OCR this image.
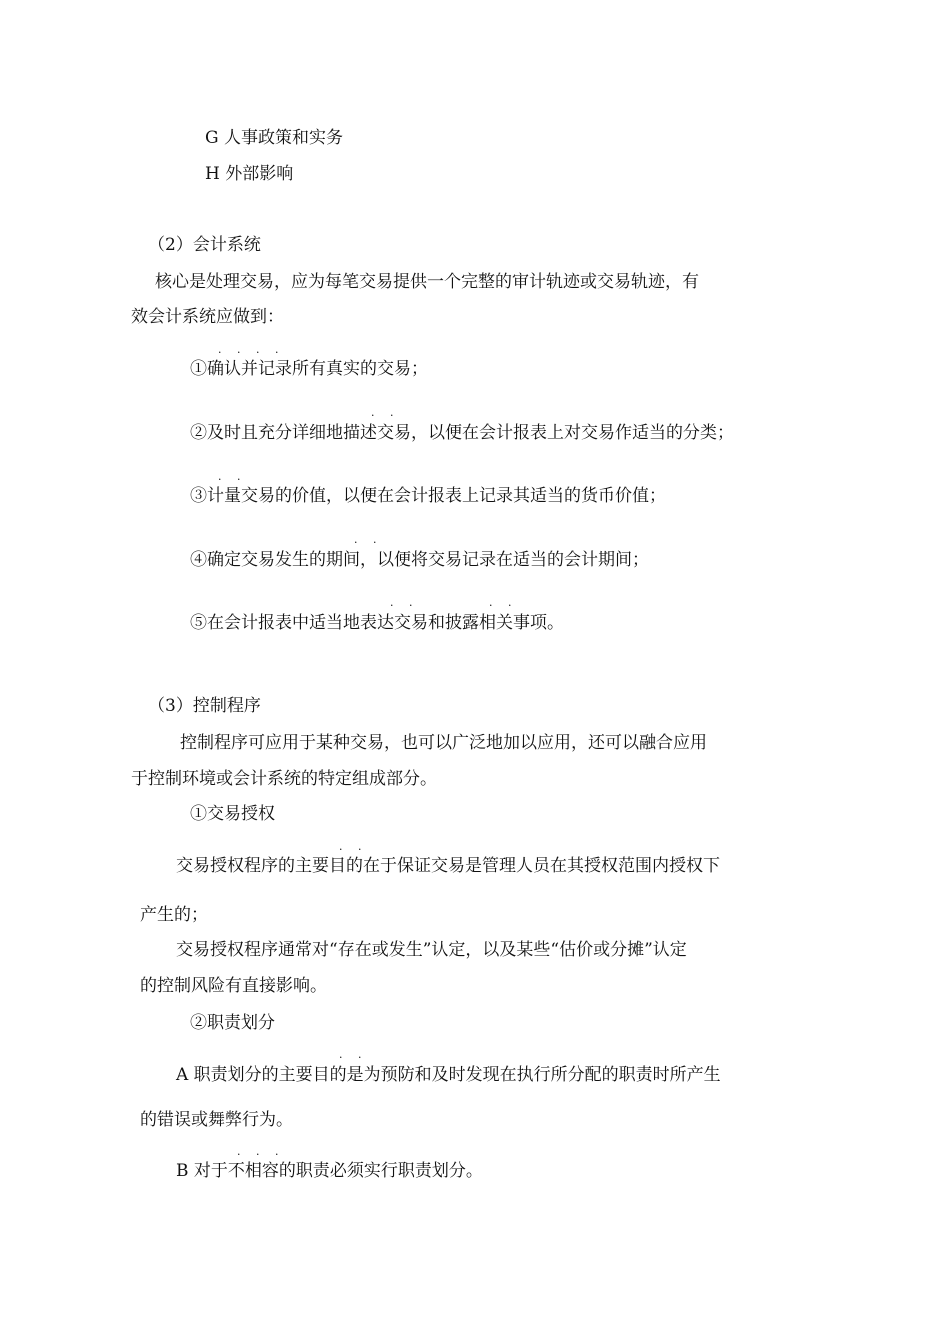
G 人事政策和实务
H 外部影响
（2）会计系统
核心是处理交易，应为每笔交易提供一个完整的审计轨迹或交易轨迹，有
效会计系统应做到：
· · · ·
①确认并记录所有真实的交易；
· ·
②及时且充分详细地描述交易，以便在会计报表上对交易作适当的分类；
· ·
③计量交易的价值，以便在会计报表上记录其适当的货币价值；
· ·
④确定交易发生的期间，以便将交易记录在适当的会计期间；
· ·	· ·
⑤在会计报表中适当地表达交易和披露相关事项。
（3）控制程序
控制程序可应用于某种交易，也可以广泛地加以应用，还可以融合应用
于控制环境或会计系统的特定组成部分。
①交易授权
· ·
交易授权程序的主要目的在于保证交易是管理人员在其授权范围内授权下
产生的；
交易授权程序通常对“存在或发生”认定，以及某些“估价或分摊”认定
的控制风险有直接影响。
②职责划分
· ·
A 职责划分的主要目的是为预防和及时发现在执行所分配的职责时所产生
的错误或舞弊行为。
· · ·
B 对于不相容的职责必须实行职责划分。
